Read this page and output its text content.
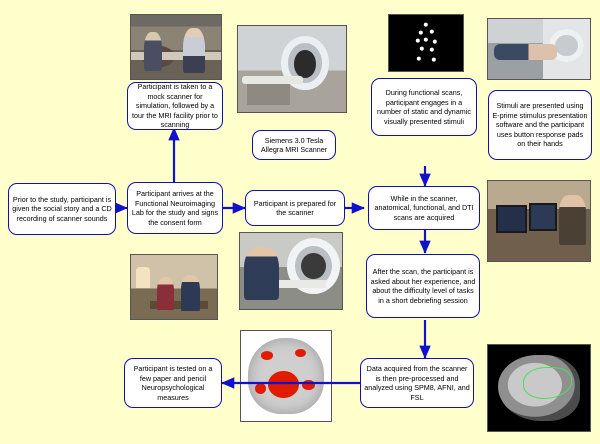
Prior to the study, participant is given the social story and a CD recording of scanner sounds
Participant is taken to a mock scanner for simulation, followed by a tour the MRI facility prior to scanning
Participant arrives at the Functional Neuroimaging Lab for the study and signs the consent form
Participant is prepared for the scanner
Siemens 3.0 Tesla Allegra MRI Scanner
During functional scans, participant engages in a number of static and dynamic visually presented stimuli
Stimuli are presented using E-prime stimulus presentation software and the participant uses button response pads on their hands
While in the scanner, anatomical, functional, and DTI scans are acquired
After the scan, the participant is asked about her experience, and about the difficulty level of tasks in a short debriefing session
Data acquired from the scanner is then pre-processed and analyzed using SPM8, AFNI, and FSL
Participant is tested on a few paper and pencil Neuropsychological measures
